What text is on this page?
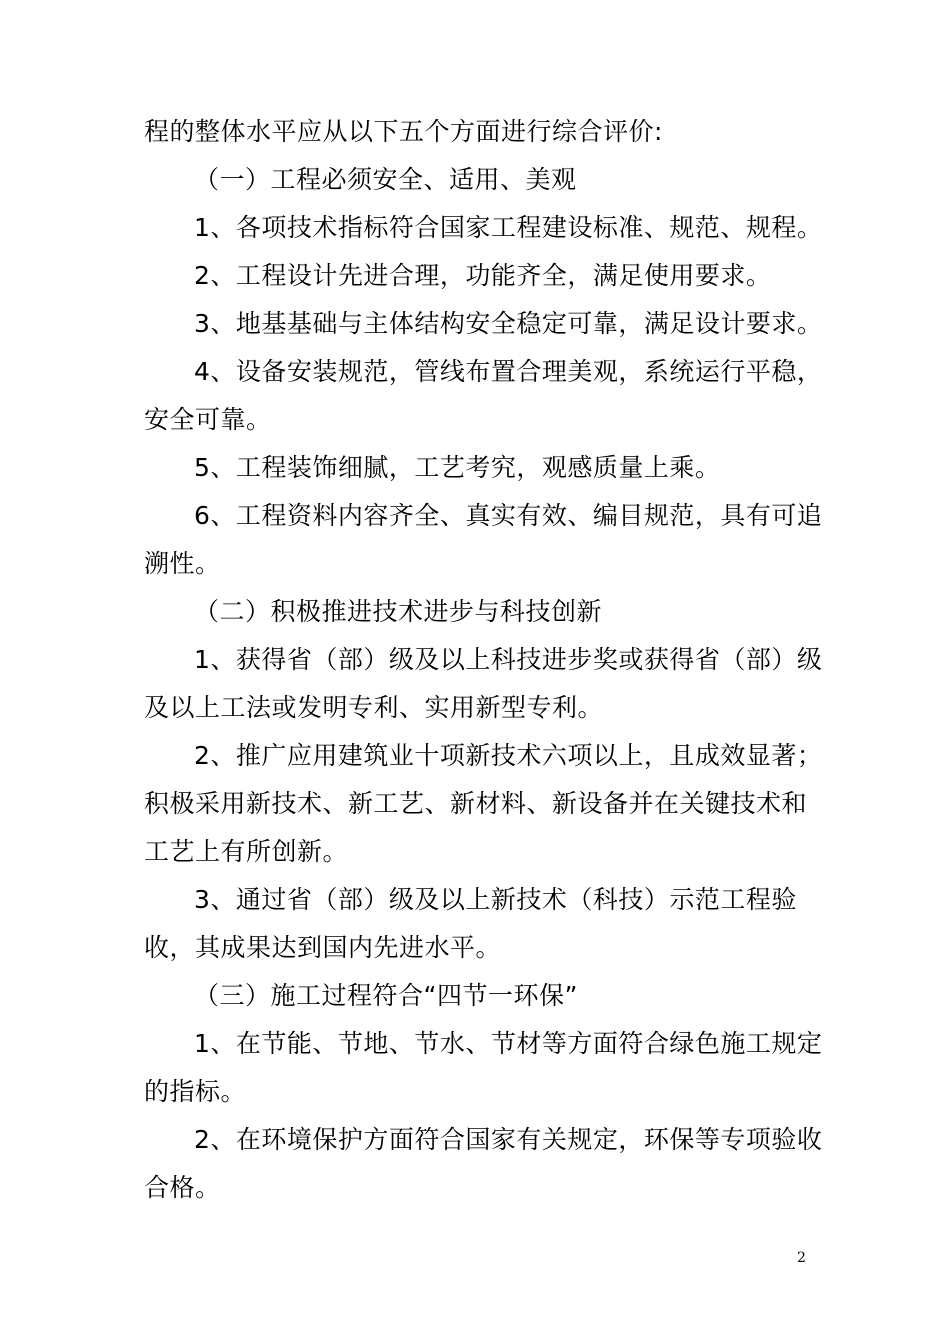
程的整体水平应从以下五个方面进行综合评价:

（一）工程必须安全、适用、美观

1、各项技术指标符合国家工程建设标准、规范、规程。

2、工程设计先进合理，功能齐全，满足使用要求。

3、地基基础与主体结构安全稳定可靠，满足设计要求。

4、设备安装规范，管线布置合理美观，系统运行平稳，安全可靠。

5、工程装饰细腻，工艺考究，观感质量上乘。

6、工程资料内容齐全、真实有效、编目规范，具有可追溯性。

（二）积极推进技术进步与科技创新

1、获得省（部）级及以上科技进步奖或获得省（部）级及以上工法或发明专利、实用新型专利。

2、推广应用建筑业十项新技术六项以上，且成效显著；积极采用新技术、新工艺、新材料、新设备并在关键技术和工艺上有所创新。

3、通过省（部）级及以上新技术（科技）示范工程验收，其成果达到国内先进水平。

（三）施工过程符合“四节一环保”

1、在节能、节地、节水、节材等方面符合绿色施工规定的指标。

2、在环境保护方面符合国家有关规定，环保等专项验收合格。

2
